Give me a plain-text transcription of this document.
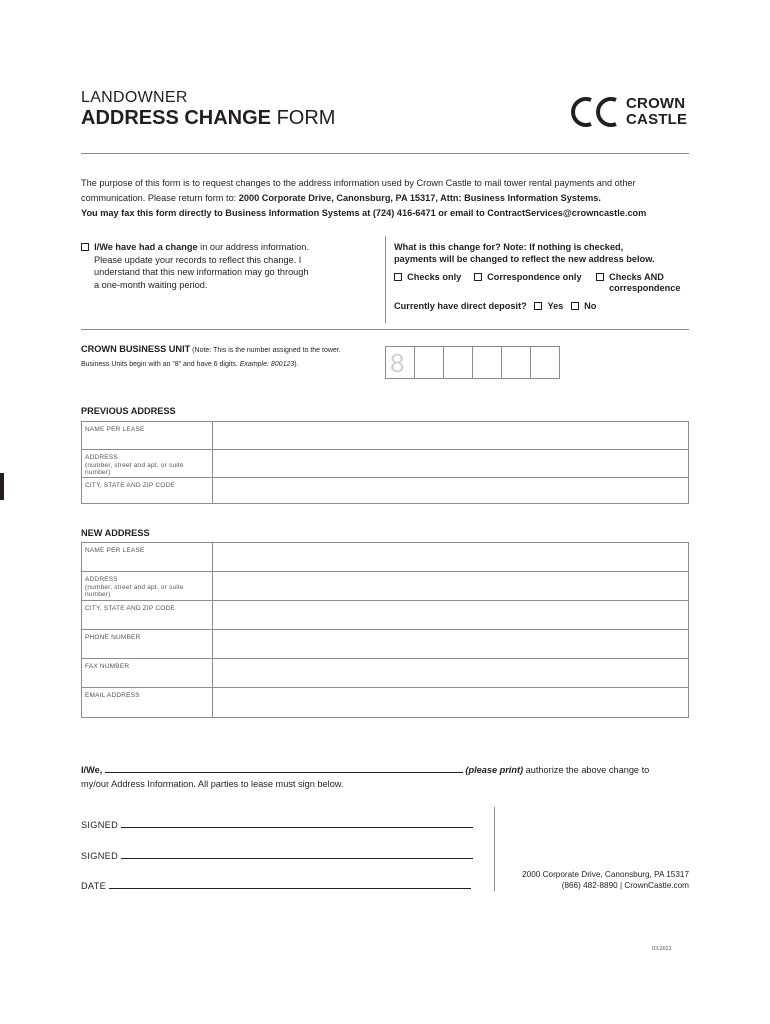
LANDOWNER
ADDRESS CHANGE FORM
CROWN
CASTLE
The purpose of this form is to request changes to the address information used by Crown Castle to mail tower rental payments and other
communication. Please return form to: 2000 Corporate Drive, Canonsburg, PA 15317, Attn: Business Information Systems.
You may fax this form directly to Business Information Systems at (724) 416-6471 or email to ContractServices@crowncastle.com
I/We have had a change in our address information.
Please update your records to reflect this change. I
understand that this new information may go through
a one-month waiting period.
What is this change for? Note: If nothing is checked,
payments will be changed to reflect the new address below.
Checks only	Correspondence only	Checks AND
correspondence
Currently have direct deposit? Yes No
CROWN BUSINESS UNIT (Note: This is the number assigned to the tower.
Business Units begin with an “8” and have 6 digits. Example: 800123).	8
PREVIOUS ADDRESS
NAME PER LEASE
ADDRESS
(number, street and apt. or suite number)
CITY, STATE AND ZIP CODE
NEW ADDRESS
NAME PER LEASE
ADDRESS
(number, street and apt. or suite number)
CITY, STATE AND ZIP CODE
PHONE NUMBER
FAX NUMBER
EMAIL ADDRESS
I/We,	(please print) authorize the above change to
my/our Address Information. All parties to lease must sign below.
SIGNED
SIGNED
DATE
2000 Corporate Drive, Canonsburg, PA 15317
(866) 482-8890 | CrownCastle.com
03/2022
